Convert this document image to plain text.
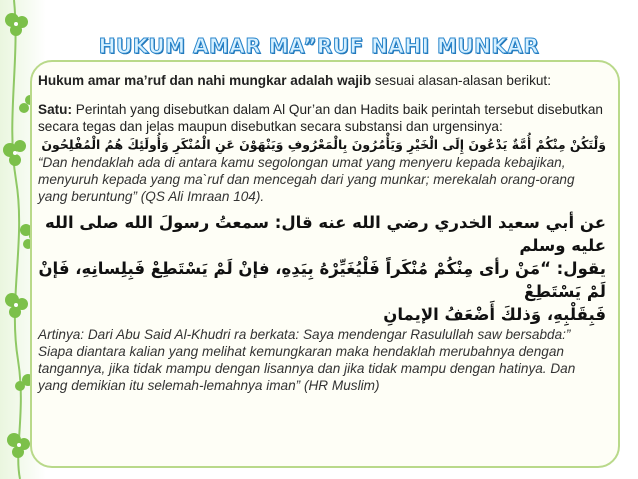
HUKUM AMAR MA”RUF NAHI MUNKAR

Hukum amar ma’ruf dan nahi mungkar adalah wajib sesuai alasan-alasan berikut:

Satu: Perintah yang disebutkan dalam Al Qur’an dan Hadits baik perintah tersebut disebutkan secara tegas dan jelas maupun disebutkan secara substansi dan urgensinya:

وَلْتَكُنْ مِنْكُمْ أُمَّةٌ يَدْعُونَ إِلَى الْخَيْرِ وَيَأْمُرُونَ بِالْمَعْرُوفِ وَيَنْهَوْنَ عَنِ الْمُنْكَرِ وَأُولَئِكَ هُمُ الْمُفْلِحُونَ

“Dan hendaklah ada di antara kamu segolongan umat yang menyeru kepada kebajikan, menyuruh kepada yang ma`ruf dan mencegah dari yang munkar; merekalah orang-orang yang beruntung” (QS Ali Imraan 104).

عن أبي سعيد الخدري رضي الله عنه قال: سمعتُ رسولَ الله صلى الله عليه وسلم
يقول: “مَنْ رأى مِنْكُمْ مُنْكَراً فَلْيُغَيِّرْهُ بِيَدِهِ، فإنْ لَمْ يَسْتَطِعْ فَبِلِسانِهِ، فَإنْ لَمْ يَسْتَطِعْ
فَبِقَلْبِهِ، وَذلكَ أَضْعَفُ الإيمانِ

Artinya: Dari Abu Said Al-Khudri ra berkata: Saya mendengar Rasulullah saw bersabda:” Siapa diantara kalian yang melihat kemungkaran maka hendaklah merubahnya dengan tangannya, jika tidak mampu dengan lisannya dan jika tidak mampu dengan hatinya. Dan yang demikian itu selemah-lemahnya iman” (HR Muslim)
